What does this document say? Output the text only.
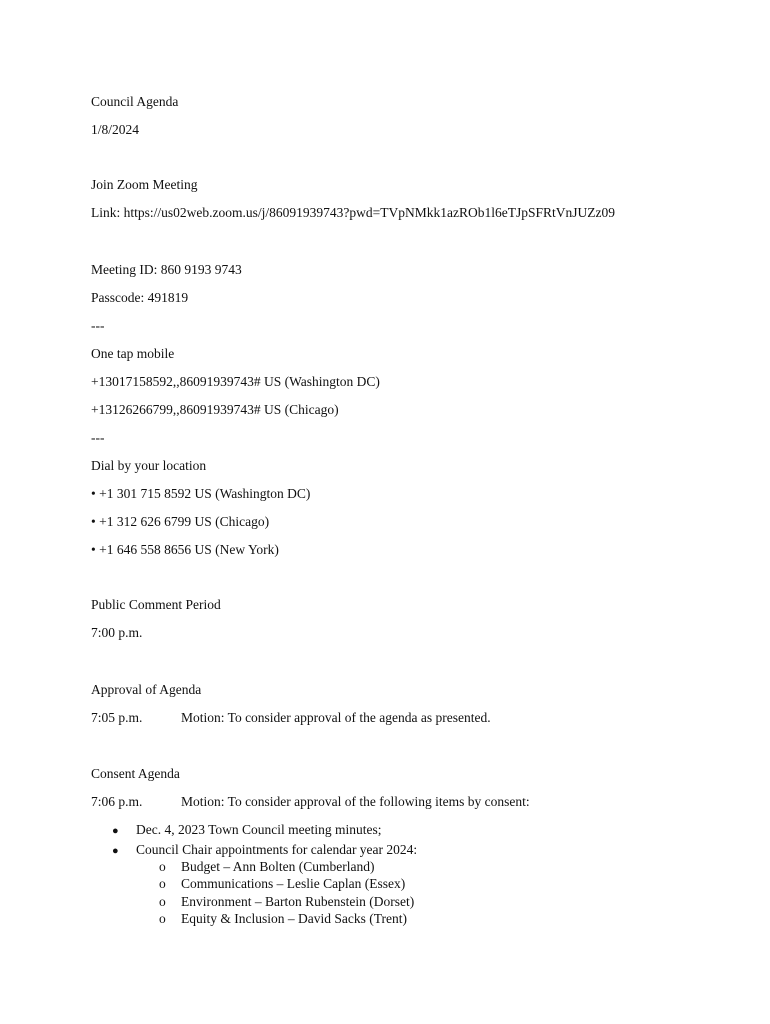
Council Agenda
1/8/2024
Join Zoom Meeting
Link: https://us02web.zoom.us/j/86091939743?pwd=TVpNMkk1azROb1l6eTJpSFRtVnJUZz09
Meeting ID: 860 9193 9743
Passcode: 491819
---
One tap mobile
+13017158592,,86091939743# US (Washington DC)
+13126266799,,86091939743# US (Chicago)
---
Dial by your location
• +1 301 715 8592 US (Washington DC)
• +1 312 626 6799 US (Chicago)
• +1 646 558 8656 US (New York)
Public Comment Period
7:00 p.m.
Approval of Agenda
7:05 p.m.	Motion: To consider approval of the agenda as presented.
Consent Agenda
7:06 p.m.	Motion: To consider approval of the following items by consent:
● Dec. 4, 2023 Town Council meeting minutes;
● Council Chair appointments for calendar year 2024:
o Budget – Ann Bolten (Cumberland)
o Communications – Leslie Caplan (Essex)
o Environment – Barton Rubenstein (Dorset)
o Equity & Inclusion – David Sacks (Trent)
